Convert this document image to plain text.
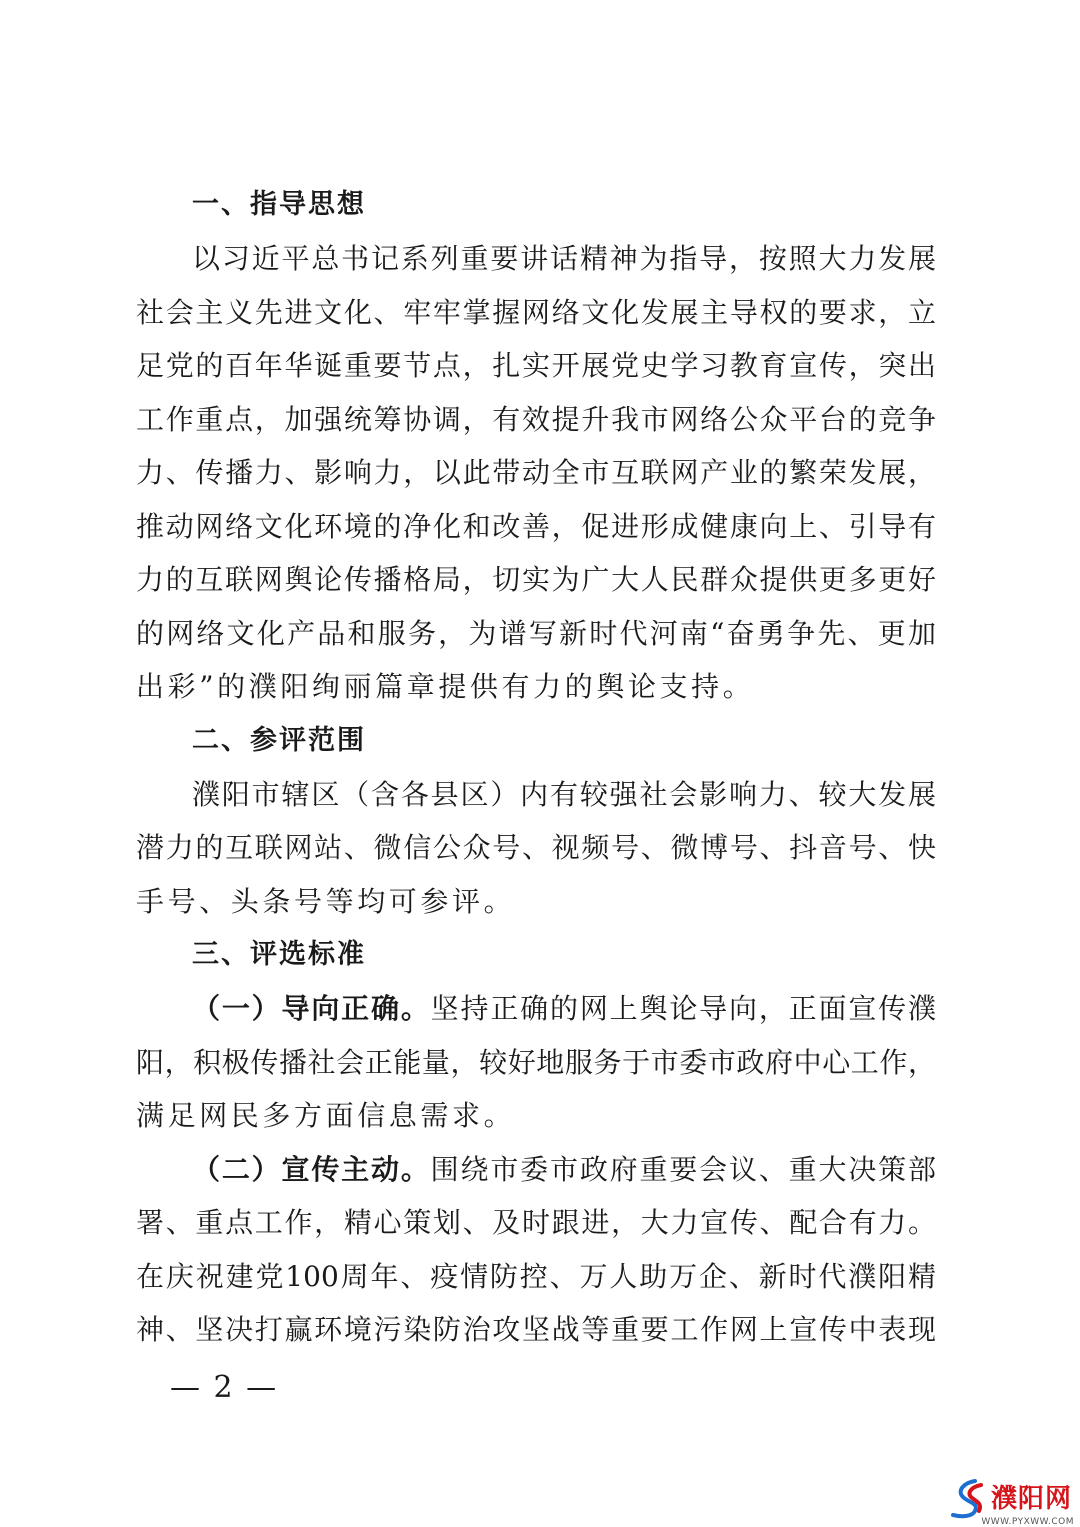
一、指导思想
以习近平总书记系列重要讲话精神为指导，按照大力发展
社会主义先进文化、牢牢掌握网络文化发展主导权的要求，立
足党的百年华诞重要节点，扎实开展党史学习教育宣传，突出
工作重点，加强统筹协调，有效提升我市网络公众平台的竞争
力、传播力、影响力，以此带动全市互联网产业的繁荣发展，
推动网络文化环境的净化和改善，促进形成健康向上、引导有
力的互联网舆论传播格局，切实为广大人民群众提供更多更好
的网络文化产品和服务，为谱写新时代河南“奋勇争先、更加
出彩”的濮阳绚丽篇章提供有力的舆论支持。
二、参评范围
濮阳市辖区（含各县区）内有较强社会影响力、较大发展
潜力的互联网站、微信公众号、视频号、微博号、抖音号、快
手号、头条号等均可参评。
三、评选标准
（一）导向正确。坚持正确的网上舆论导向，正面宣传濮
阳，积极传播社会正能量，较好地服务于市委市政府中心工作，
满足网民多方面信息需求。
（二）宣传主动。围绕市委市政府重要会议、重大决策部
署、重点工作，精心策划、及时跟进，大力宣传、配合有力。
在庆祝建党100周年、疫情防控、万人助万企、新时代濮阳精
神、坚决打赢环境污染防治攻坚战等重要工作网上宣传中表现
— 2 —
濮阳网
WWW.PYXWW.COM
